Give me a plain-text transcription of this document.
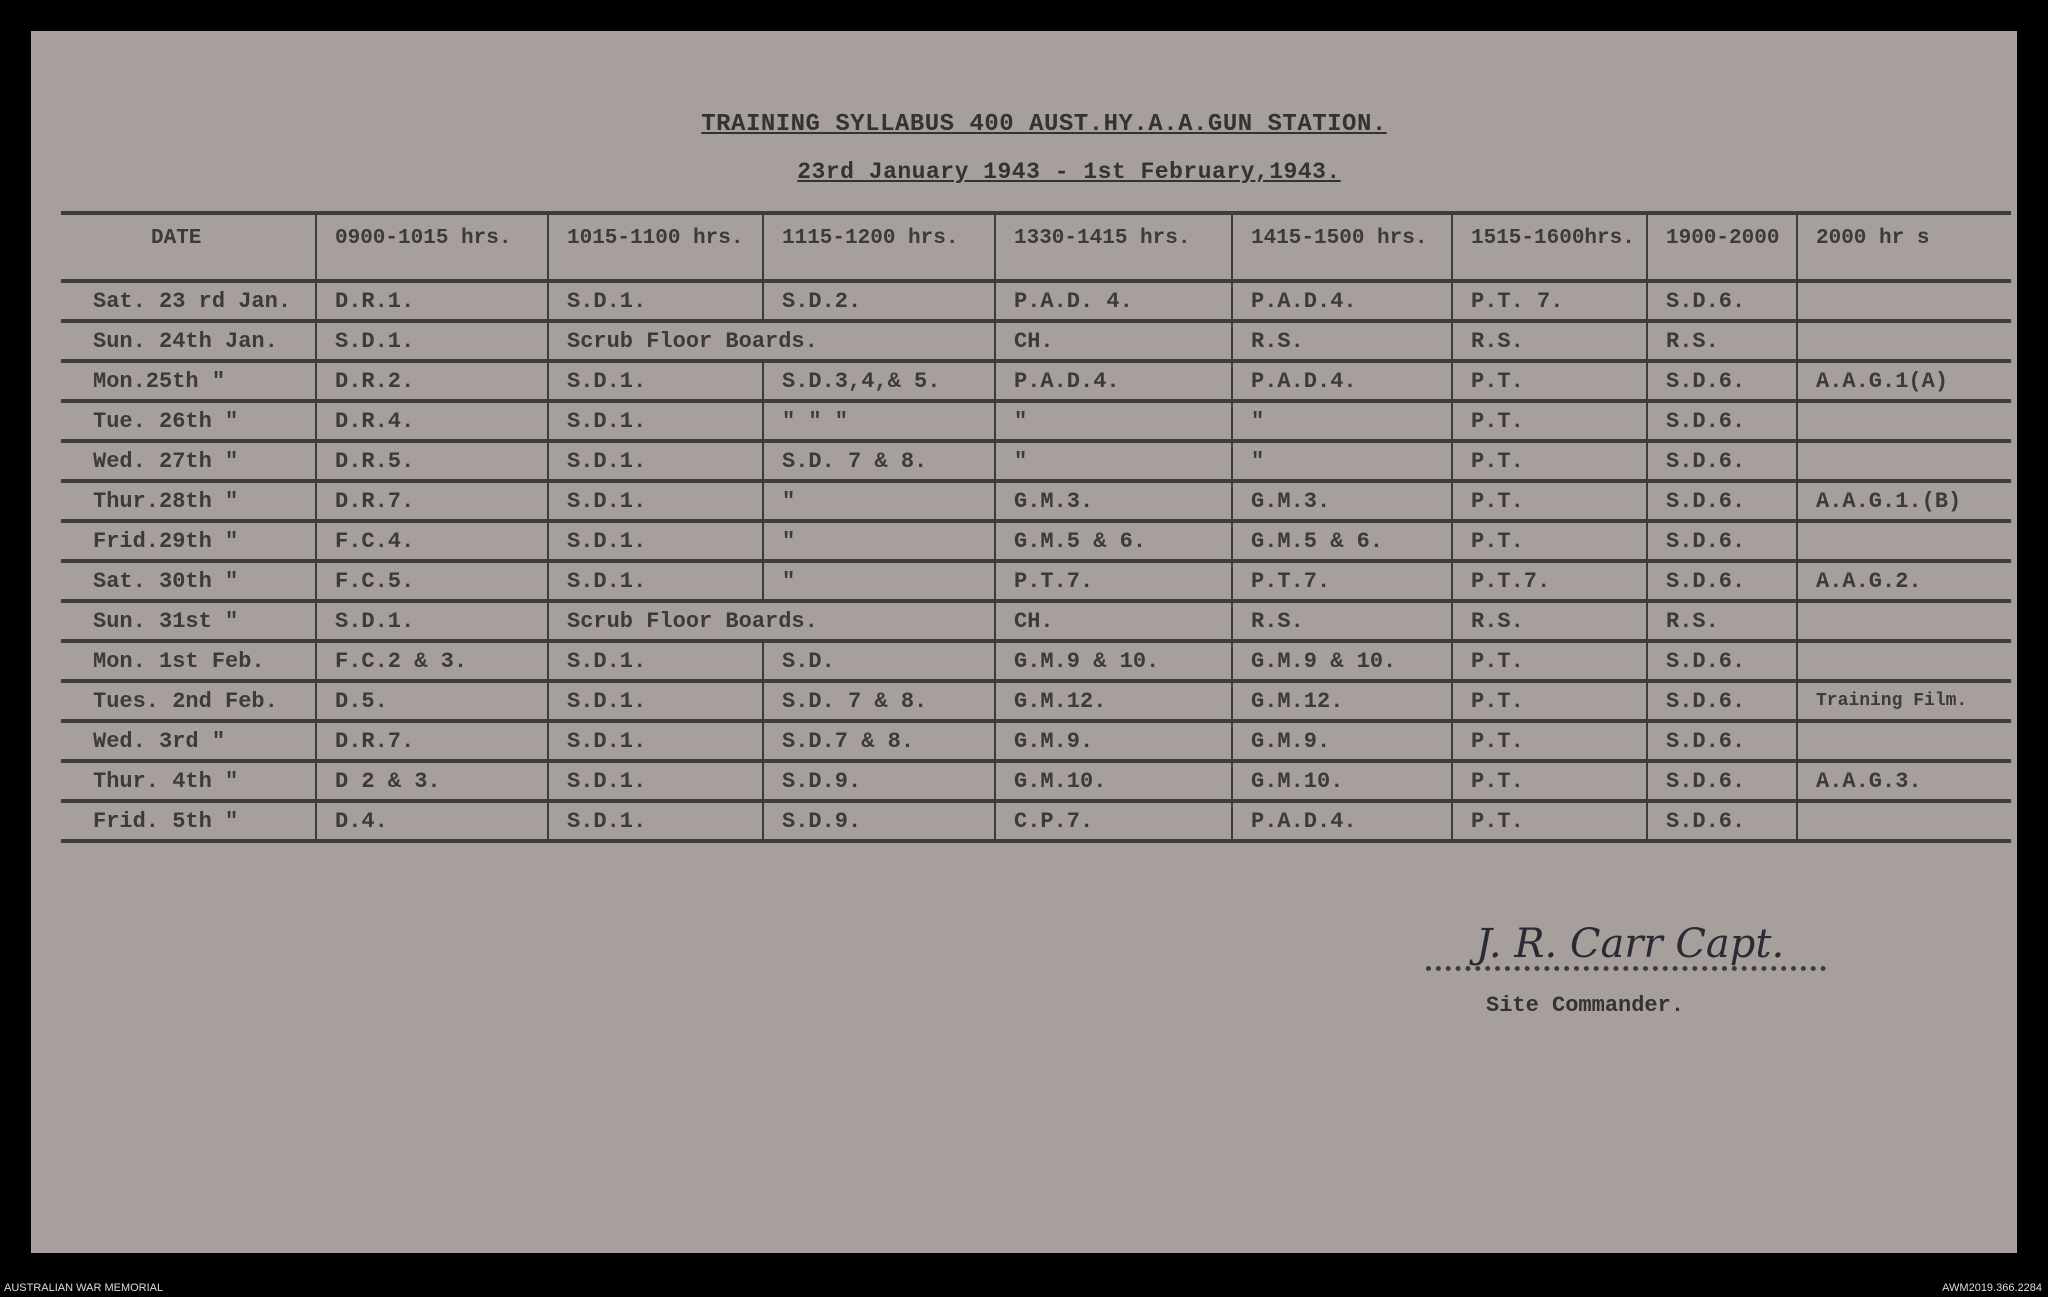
TRAINING SYLLABUS 400 AUST.HY.A.A.GUN STATION.
23rd January 1943 - 1st February,1943.
DATE	0900-1015 hrs.	1015-1100 hrs.	1115-1200 hrs.	1330-1415 hrs.	1415-1500 hrs.	1515-1600hrs.	1900-2000	2000 hr s
Sat. 23 rd Jan.	D.R.1.	S.D.1.	S.D.2.	P.A.D. 4.	P.A.D.4.	P.T. 7.	S.D.6.	
Sun. 24th Jan.	S.D.1.	Scrub Floor Boards.		CH.	R.S.	R.S.	R.S.	
Mon.25th "	D.R.2.	S.D.1.	S.D.3,4,& 5.	P.A.D.4.	P.A.D.4.	P.T.	S.D.6.	A.A.G.1(A)
Tue. 26th "	D.R.4.	S.D.1.	" " "	"	"	P.T.	S.D.6.	
Wed. 27th "	D.R.5.	S.D.1.	S.D. 7 & 8.	"	"	P.T.	S.D.6.	
Thur.28th "	D.R.7.	S.D.1.	"	G.M.3.	G.M.3.	P.T.	S.D.6.	A.A.G.1.(B)
Frid.29th "	F.C.4.	S.D.1.	"	G.M.5 & 6.	G.M.5 & 6.	P.T.	S.D.6.	
Sat. 30th "	F.C.5.	S.D.1.	"	P.T.7.	P.T.7.	P.T.7.	S.D.6.	A.A.G.2.
Sun. 31st "	S.D.1.	Scrub Floor Boards.		CH.	R.S.	R.S.	R.S.	
Mon. 1st Feb.	F.C.2 & 3.	S.D.1.	S.D.	G.M.9 & 10.	G.M.9 & 10.	P.T.	S.D.6.	
Tues. 2nd Feb.	D.5.	S.D.1.	S.D. 7 & 8.	G.M.12.	G.M.12.	P.T.	S.D.6.	Training Film.
Wed. 3rd "	D.R.7.	S.D.1.	S.D.7 & 8.	G.M.9.	G.M.9.	P.T.	S.D.6.	
Thur. 4th "	D 2 & 3.	S.D.1.	S.D.9.	G.M.10.	G.M.10.	P.T.	S.D.6.	A.A.G.3.
Frid. 5th "	D.4.	S.D.1.	S.D.9.	C.P.7.	P.A.D.4.	P.T.	S.D.6.	
J. R. Carr Capt.
Site Commander.
AUSTRALIAN WAR MEMORIAL	AWM2019.366.2284
